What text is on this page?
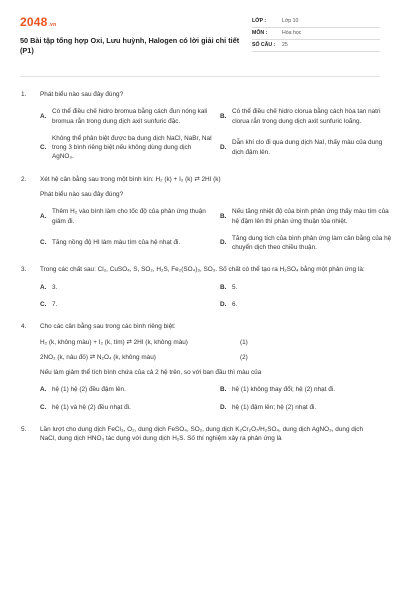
2048.vn
50 Bài tập tổng hợp Oxi, Lưu huỳnh, Halogen có lời giải chi tiết (P1)
LỚP :	Lớp 10
MÔN :	Hóa học
SỐ CÂU :	25
1.	Phát biểu nào sau đây đúng?
A.
Có thể điều chế hidro bromua bằng cách đun nóng kali bromua rắn trong dung dịch axit sunfuric đặc.
B.
Có thể điều chế hidro clorua bằng cách hòa tan natri clorua rắn trong dung dịch axit sunfuric loãng.
C.
Không thể phân biệt được ba dung dịch NaCl, NaBr, NaI trong 3 bình riêng biệt nếu không dùng dung dịch AgNO₃.
D.
Dẫn khí clo đi qua dung dịch NaI, thấy màu của dung dịch đậm lên.
2.	Xét hệ cân bằng sau trong một bình kín: H₂ (k) + I₂ (k) ⇄ 2HI (k)
Phát biểu nào sau đây đúng?
A.
Thêm H₂ vào bình làm cho tốc độ của phản ứng thuận giảm đi.
B.
Nếu tăng nhiệt độ của bình phản ứng thấy màu tím của hệ đậm lên thì phản ứng thuận tỏa nhiệt.
C. Tăng nồng độ HI làm màu tím của hệ nhạt đi.	D.
Tăng dung tích của bình phản ứng làm cân bằng của hệ chuyển dịch theo chiều thuận.
3.	Trong các chất sau: Cl₂, CuSO₄, S, SO₂, H₂S, Fe₂(SO₄)₃, SO₃. Số chất có thể tạo ra H₂SO₄ bằng một phản ứng là:
A. 3.	B. 5.
C. 7.	D. 6.
4.	Cho các cân bằng sau trong các bình riêng biệt:
H₂ (k, không màu) + I₂ (k, tím) ⇄ 2HI (k, không màu)	(1)
2NO₂ (k, nâu đỏ) ⇄ N₂O₄ (k, không màu)	(2)
Nếu làm giảm thể tích bình chứa của cả 2 hệ trên, so với ban đầu thì màu của
A. hệ (1) hệ (2) đều đậm lên.	B. hệ (1) không thay đổi; hệ (2) nhạt đi.
C. hệ (1) và hệ (2) đều nhạt đi.	D. hệ (1) đậm lên; hệ (2) nhạt đi.
5.	Lần lượt cho dung dịch FeCl₃, O₂, dung dịch FeSO₄, SO₂, dung dịch K₂Cr₂O₇/H₂SO₄, dung dịch AgNO₃, dung dịch NaCl, dung dịch HNO₃ tác dụng với dung dịch H₂S. Số thí nghiệm xảy ra phản ứng là
